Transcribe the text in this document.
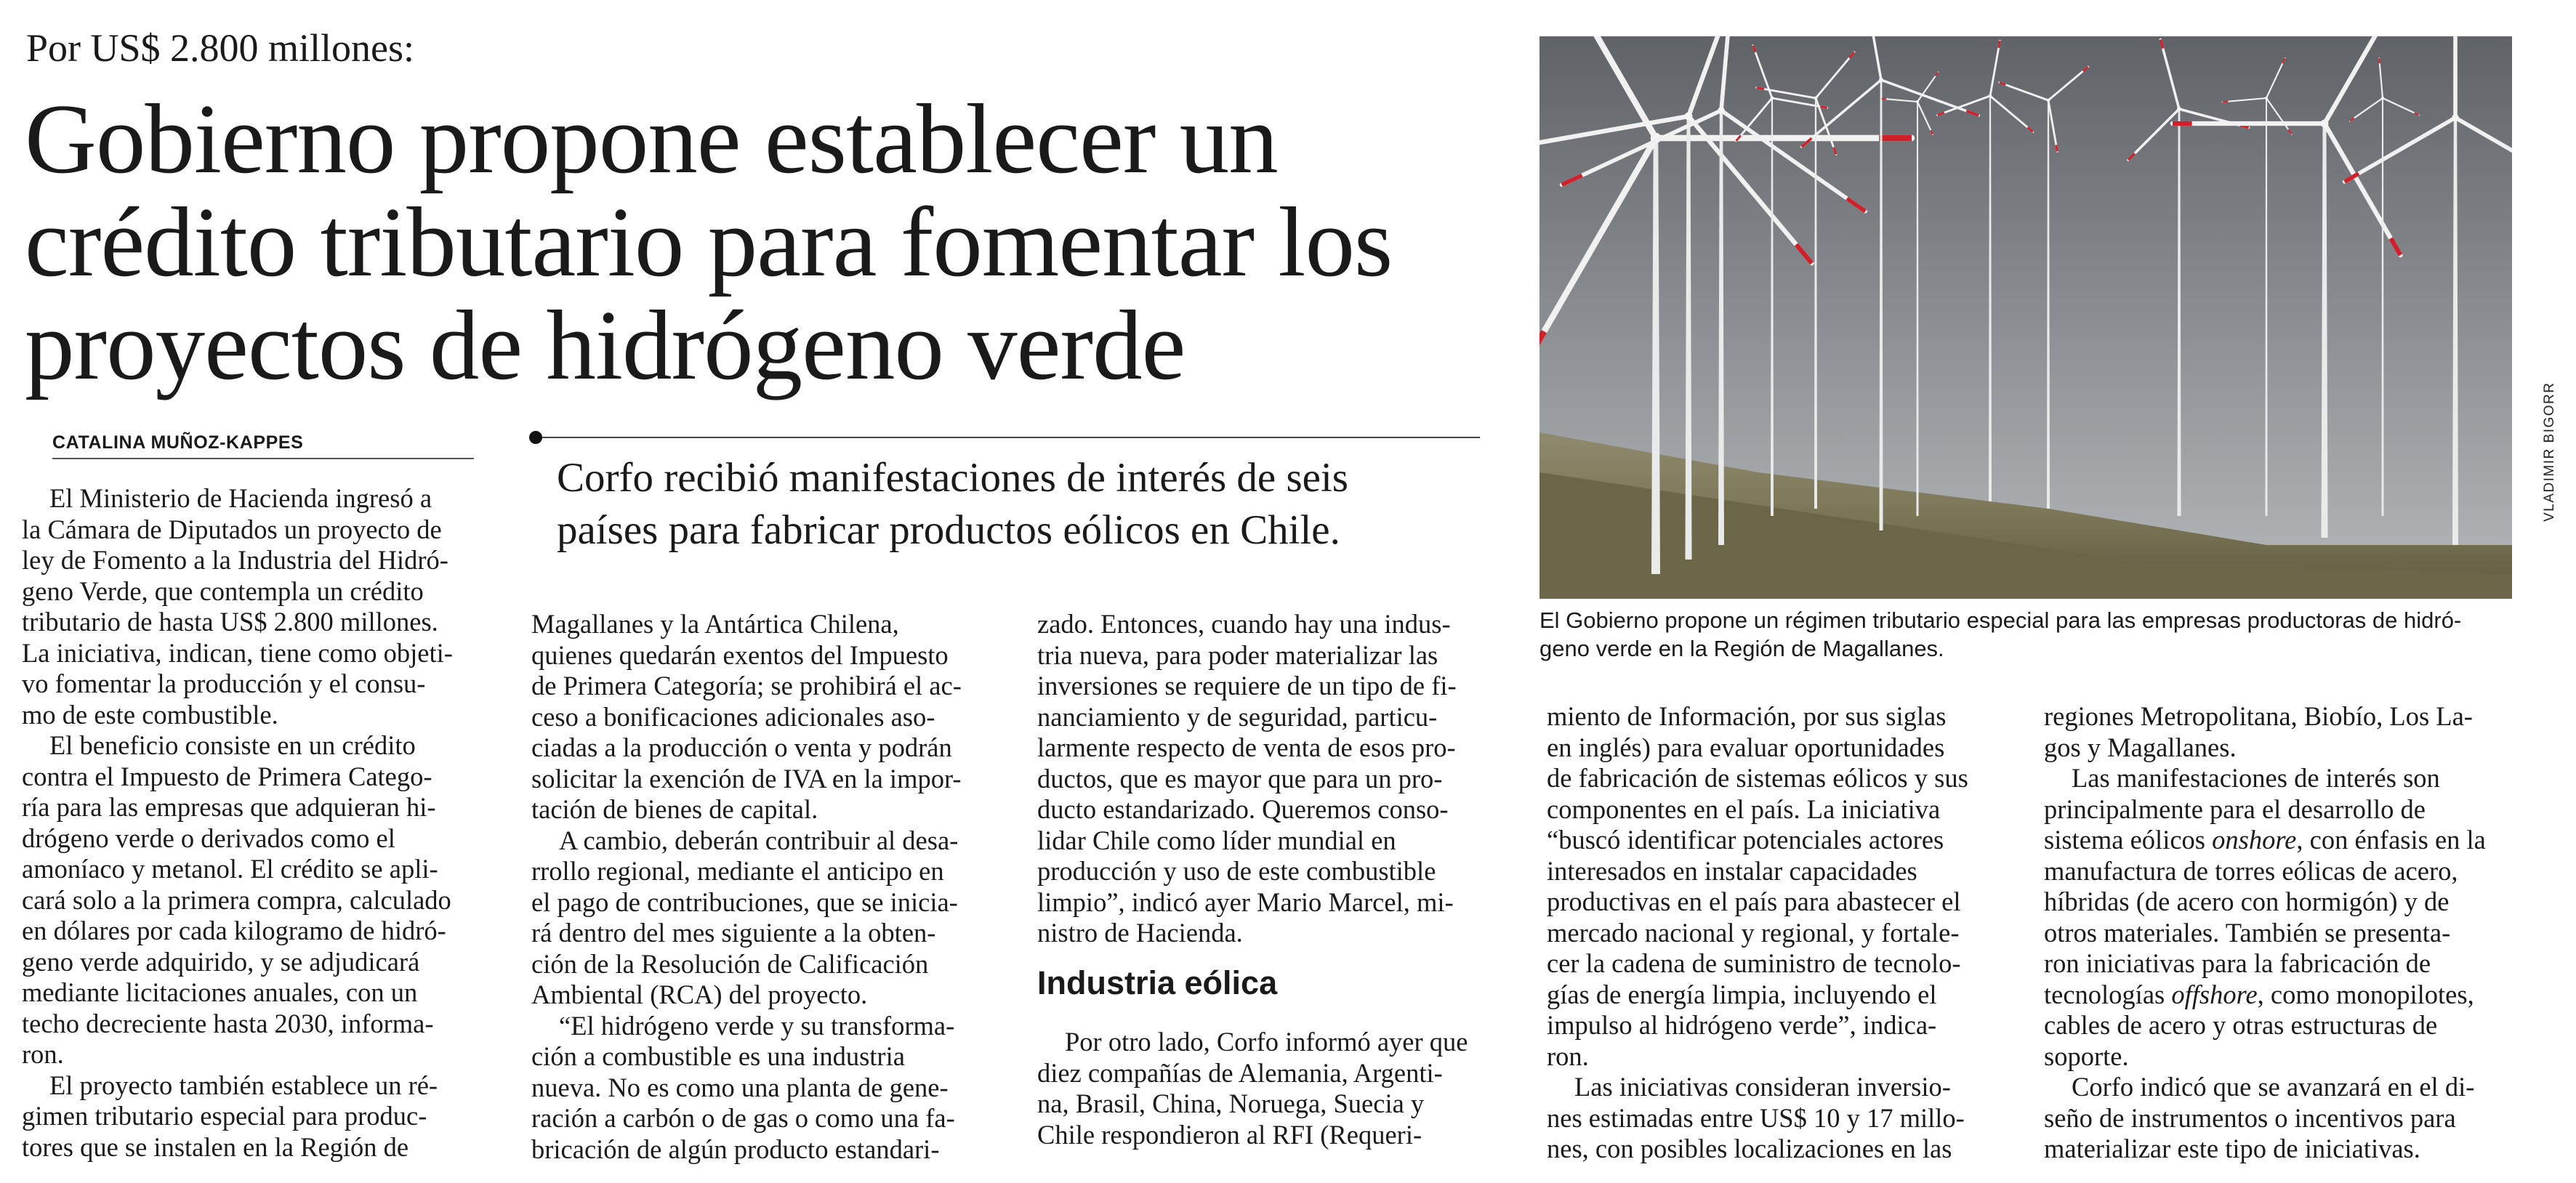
Por US$ 2.800 millones:
Gobierno propone establecer un
crédito tributario para fomentar los
proyectos de hidrógeno verde
CATALINA MUÑOZ-KAPPES
Corfo recibió manifestaciones de interés de seis
países para fabricar productos eólicos en Chile.
El Ministerio de Hacienda ingresó a
la Cámara de Diputados un proyecto de
ley de Fomento a la Industria del Hidró-
geno Verde, que contempla un crédito
tributario de hasta US$ 2.800 millones.
La iniciativa, indican, tiene como objeti-
vo fomentar la producción y el consu-
mo de este combustible.
El beneficio consiste en un crédito
contra el Impuesto de Primera Catego-
ría para las empresas que adquieran hi-
drógeno verde o derivados como el
amoníaco y metanol. El crédito se apli-
cará solo a la primera compra, calculado
en dólares por cada kilogramo de hidró-
geno verde adquirido, y se adjudicará
mediante licitaciones anuales, con un
techo decreciente hasta 2030, informa-
ron.
El proyecto también establece un ré-
gimen tributario especial para produc-
tores que se instalen en la Región de
Magallanes y la Antártica Chilena,
quienes quedarán exentos del Impuesto
de Primera Categoría; se prohibirá el ac-
ceso a bonificaciones adicionales aso-
ciadas a la producción o venta y podrán
solicitar la exención de IVA en la impor-
tación de bienes de capital.
A cambio, deberán contribuir al desa-
rrollo regional, mediante el anticipo en
el pago de contribuciones, que se inicia-
rá dentro del mes siguiente a la obten-
ción de la Resolución de Calificación
Ambiental (RCA) del proyecto.
“El hidrógeno verde y su transforma-
ción a combustible es una industria
nueva. No es como una planta de gene-
ración a carbón o de gas o como una fa-
bricación de algún producto estandari-
zado. Entonces, cuando hay una indus-
tria nueva, para poder materializar las
inversiones se requiere de un tipo de fi-
nanciamiento y de seguridad, particu-
larmente respecto de venta de esos pro-
ductos, que es mayor que para un pro-
ducto estandarizado. Queremos conso-
lidar Chile como líder mundial en
producción y uso de este combustible
limpio”, indicó ayer Mario Marcel, mi-
nistro de Hacienda.
Industria eólica
Por otro lado, Corfo informó ayer que
diez compañías de Alemania, Argenti-
na, Brasil, China, Noruega, Suecia y
Chile respondieron al RFI (Requeri-
miento de Información, por sus siglas
en inglés) para evaluar oportunidades
de fabricación de sistemas eólicos y sus
componentes en el país. La iniciativa
“buscó identificar potenciales actores
interesados en instalar capacidades
productivas en el país para abastecer el
mercado nacional y regional, y fortale-
cer la cadena de suministro de tecnolo-
gías de energía limpia, incluyendo el
impulso al hidrógeno verde”, indica-
ron.
Las iniciativas consideran inversio-
nes estimadas entre US$ 10 y 17 millo-
nes, con posibles localizaciones en las
regiones Metropolitana, Biobío, Los La-
gos y Magallanes.
Las manifestaciones de interés son
principalmente para el desarrollo de
sistema eólicos onshore, con énfasis en la
manufactura de torres eólicas de acero,
híbridas (de acero con hormigón) y de
otros materiales. También se presenta-
ron iniciativas para la fabricación de
tecnologías offshore, como monopilotes,
cables de acero y otras estructuras de
soporte.
Corfo indicó que se avanzará en el di-
seño de instrumentos o incentivos para
materializar este tipo de iniciativas.
VLADIMIR BIGORR
El Gobierno propone un régimen tributario especial para las empresas productoras de hidró-
geno verde en la Región de Magallanes.
